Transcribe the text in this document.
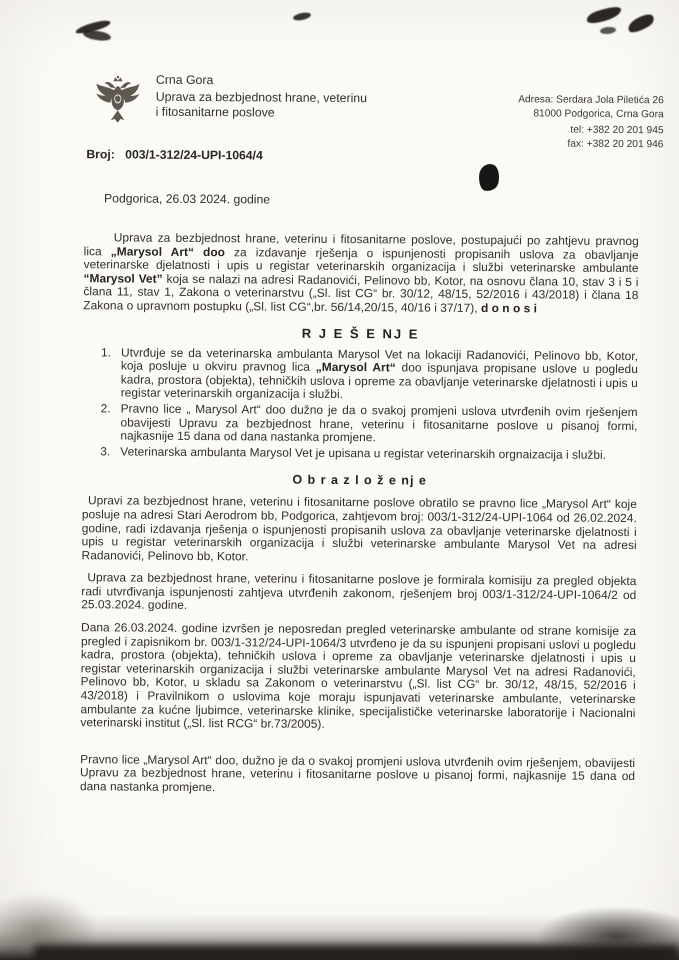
Crna Gora
Uprava za bezbjednost hrane, veterinu
i fitosanitarne poslove
Adresa: Serdara Jola Piletića 26
81000 Podgorica, Crna Gora
tel: +382 20 201 945
fax: +382 20 201 946
Broj: 003/1-312/24-UPI-1064/4
Podgorica, 26.03 2024. godine

Uprava za bezbjednost hrane, veterinu i fitosanitarne poslove, postupajući po zahtjevu pravnog lica „Marysol Art“ doo za izdavanje rješenja o ispunjenosti propisanih uslova za obavljanje veterinarske djelatnosti i upis u registar veterinarskih organizacija i službi veterinarske ambulante “Marysol Vet” koja se nalazi na adresi Radanovići, Pelinovo bb, Kotor, na osnovu člana 10, stav 3 i 5 i člana 11, stav 1, Zakona o veterinarstvu („Sl. list CG“ br. 30/12, 48/15, 52/2016 i 43/2018) i člana 18 Zakona o upravnom postupku („Sl. list CG“,br. 56/14,20/15, 40/16 i 37/17), d o n o s i

R J E Š E NJ E
1. Utvrđuje se da veterinarska ambulanta Marysol Vet na lokaciji Radanovići, Pelinovo bb, Kotor, koja posluje u okviru pravnog lica „Marysol Art“ doo ispunjava propisane uslove u pogledu kadra, prostora (objekta), tehničkih uslova i opreme za obavljanje veterinarske djelatnosti i upis u registar veterinarskih organizacija i službi.
2. Pravno lice „ Marysol Art“ doo dužno je da o svakoj promjeni uslova utvrđenih ovim rješenjem obavijesti Upravu za bezbjednost hrane, veterinu i fitosanitarne poslove u pisanoj formi, najkasnije 15 dana od dana nastanka promjene.
3. Veterinarska ambulanta Marysol Vet je upisana u registar veterinarskih orgnaizacija i službi.
O b r a z l o ž e nj e

Upravi za bezbjednost hrane, veterinu i fitosanitarne poslove obratilo se pravno lice „Marysol Art“ koje posluje na adresi Stari Aerodrom bb, Podgorica, zahtjevom broj: 003/1-312/24-UPI-1064 od 26.02.2024. godine, radi izdavanja rješenja o ispunjenosti propisanih uslova za obavljanje veterinarske djelatnosti i upis u registar veterinarskih organizacija i službi veterinarske ambulante Marysol Vet na adresi Radanovići, Pelinovo bb, Kotor.

Uprava za bezbjednost hrane, veterinu i fitosanitarne poslove je formirala komisiju za pregled objekta radi utvrđivanja ispunjenosti zahtjeva utvrđenih zakonom, rješenjem broj 003/1-312/24-UPI-1064/2 od 25.03.2024. godine.

Dana 26.03.2024. godine izvršen je neposredan pregled veterinarske ambulante od strane komisije za pregled i zapisnikom br. 003/1-312/24-UPI-1064/3 utvrđeno je da su ispunjeni propisani uslovi u pogledu kadra, prostora (objekta), tehničkih uslova i opreme za obavljanje veterinarske djelatnosti i upis u registar veterinarskih organizacija i službi veterinarske ambulante Marysol Vet na adresi Radanovići, Pelinovo bb, Kotor, u skladu sa Zakonom o veterinarstvu („Sl. list CG“ br. 30/12, 48/15, 52/2016 i 43/2018) i Pravilnikom o uslovima koje moraju ispunjavati veterinarske ambulante, veterinarske ambulante za kućne ljubimce, veterinarske klinike, specijalističke veterinarske laboratorije i Nacionalni veterinarski institut („Sl. list RCG“ br.73/2005).

Pravno lice „Marysol Art“ doo, dužno je da o svakoj promjeni uslova utvrđenih ovim rješenjem, obavijesti Upravu za bezbjednost hrane, veterinu i fitosanitarne poslove u pisanoj formi, najkasnije 15 dana od dana nastanka promjene.
